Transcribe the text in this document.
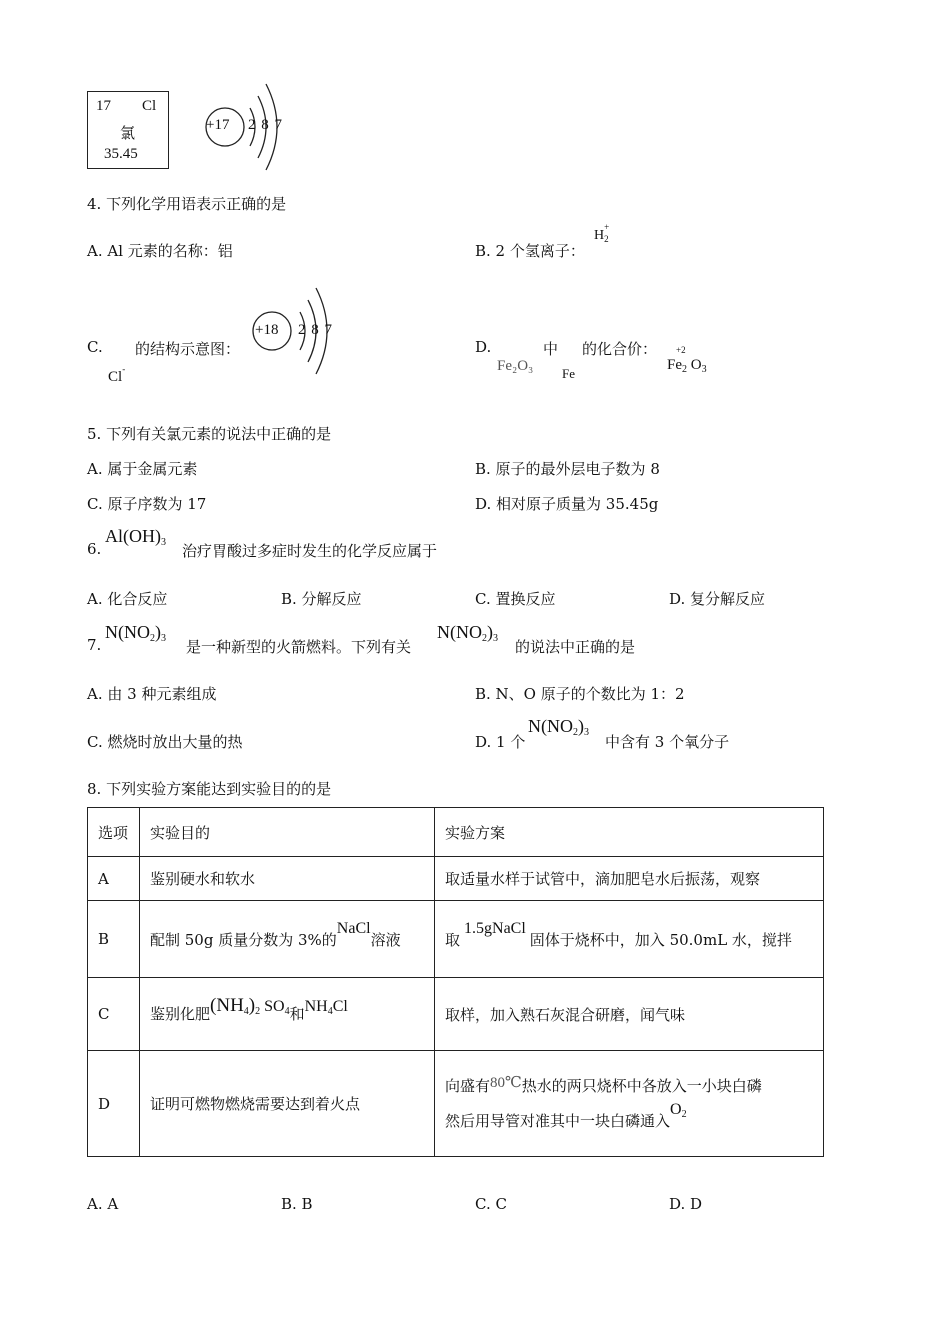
17 Cl
氯
35.45
+17 2 8 7
4. 下列化学用语表示正确的是
A. Al 元素的名称：铝	B. 2 个氢离子：
H
+
2
C. 的结构示意图：
Cl-
+18 2 8 7
D.
Fe₂O₃
中
Fe
的化合价： +2
$Fe_2$ $O_3$
5. 下列有关氯元素的说法中正确的是
A. 属于金属元素	B. 原子的最外层电子数为 8
C. 原子序数为 17	D. 相对原子质量为 35.45g
6.
$Al(OH)_3$ 治疗胃酸过多症时发生的化学反应属于
A. 化合反应	B. 分解反应	C. 置换反应	D. 复分解反应
7.
$N(NO_2)_3$ 是一种新型的火箭燃料。下列有关
$N(NO_2)_3$ 的说法中正确的是
A. 由 3 种元素组成	B. N、O 原子的个数比为 1：2
C. 燃烧时放出大量的热	D. 1 个
$N(NO_2)_3$
中含有 3 个氧分子
8. 下列实验方案能达到实验目的的是
选项	实验目的	实验方案
A	鉴别硬水和软水	取适量水样于试管中，滴加肥皂水后振荡，观察
B	配制 50g 质量分数为 3%的NaCl溶液	取1.5gNaCl固体于烧杯中，加入 50.0mL 水，搅拌
C	鉴别化肥$(NH_4)_2$ $SO_4$和$NH_4Cl$	取样，加入熟石灰混合研磨，闻气味
D	证明可燃物燃烧需要达到着火点	向盛有80℃热水的两只烧杯中各放入一小块白磷
然后用导管对准其中一块白磷通入$O_2$
A. A	B. B	C. C	D. D
